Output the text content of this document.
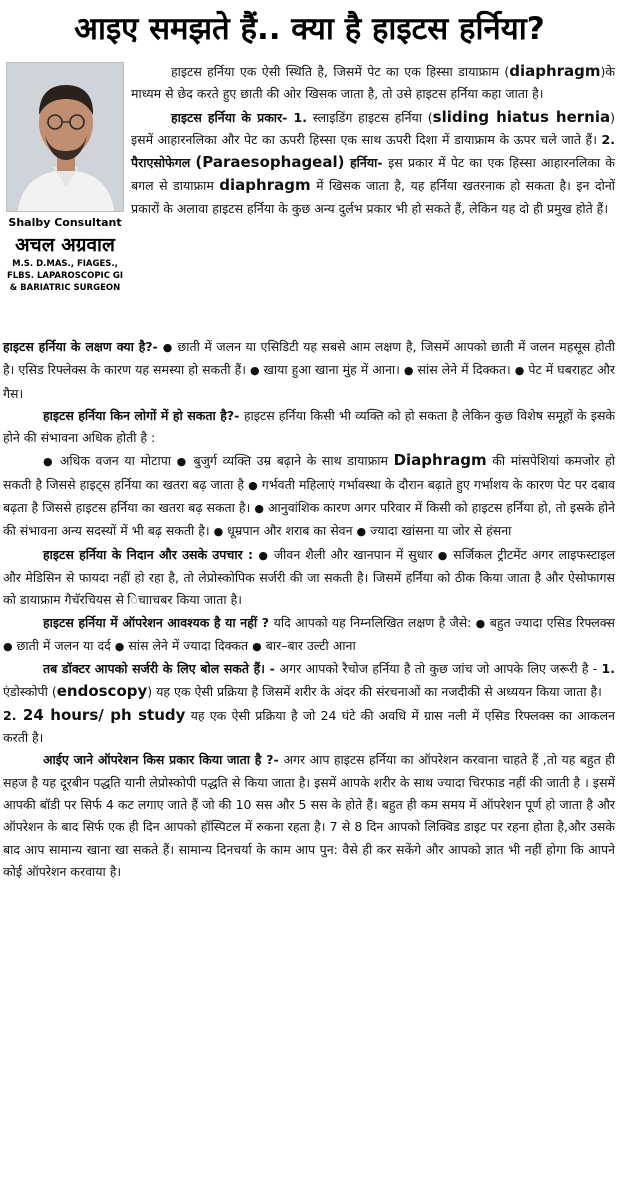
आइए समझते हैं.. क्या है हाइटस हर्निया?
Shalby Consultant
अचल अग्रवाल
M.S. D.MAS., FIAGES., FLBS. LAPAROSCOPIC GI & BARIATRIC SURGEON

हाइटस हर्निया एक ऐसी स्थिति है, जिसमें पेट का एक हिस्सा डायाफ्राम (diaphragm)के माध्यम से छेद करते हुए छाती की ओर खिसक जाता है, तो उसे हाइटस हर्निया कहा जाता है।

हाइटस हर्निया के प्रकार- 1. स्लाइडिंग हाइटस हर्निया (sliding hiatus hernia) इसमें आहारनलिका और पेट का ऊपरी हिस्सा एक साथ ऊपरी दिशा में डायाफ्राम के ऊपर चले जाते हैं। 2. पैराएसोफेगल (Paraesophageal) हर्निया- इस प्रकार में पेट का एक हिस्सा आहारनलिका के बगल से डायाफ्राम diaphragm में खिसक जाता है, यह हर्निया खतरनाक हो सकता है। इन दोनों प्रकारों के अलावा हाइटस हर्निया के कुछ अन्य दुर्लभ प्रकार भी हो सकते हैं, लेकिन यह दो ही प्रमुख होते हैं।

हाइटस हर्निया के लक्षण क्या है?- ● छाती में जलन या एसिडिटी यह सबसे आम लक्षण है, जिसमें आपको छाती में जलन महसूस होती है। एसिड रिफ्लेक्स के कारण यह समस्या हो सकती हैं। ● खाया हुआ खाना मुंह में आना। ● सांस लेने में दिक्कत। ● पेट में घबराहट और गैस।

हाइटस हर्निया किन लोगों में हो सकता है?- हाइटस हर्निया किसी भी व्यक्ति को हो सकता है लेकिन कुछ विशेष समूहों के इसके होने की संभावना अधिक होती है :

● अधिक वजन या मोटापा ● बुजुर्ग व्यक्ति उम्र बढ़ाने के साथ डायाफ्राम Diaphragm की मांसपेशियां कमजोर हो सकती है जिससे हाइट्स हर्निया का खतरा बढ़ जाता है ● गर्भवती महिलाएं गर्भावस्था के दौरान बढ़ाते हुए गर्भाशय के कारण पेट पर दबाव बढ़ता है जिससे हाइटस हर्निया का खतरा बढ़ सकता है। ● आनुवांशिक कारण अगर परिवार में किसी को हाइटस हर्निया हो, तो इसके होने की संभावना अन्य सदस्यों में भी बढ़ सकती है। ● धूम्रपान और शराब का सेवन ● ज्यादा खांसना या जोर से हंसना

हाइटस हर्निया के निदान और उसके उपचार : ● जीवन शैली और खानपान में सुधार ● सर्जिकल ट्रीटमेंट अगर लाइफस्टाइल और मेडिसिन से फायदा नहीं हो रहा है, तो लेप्रोस्कोपिक सर्जरी की जा सकती है। जिसमें हर्निया को ठीक किया जाता है और ऐसोफागस को डायाफ्राम गैचॅरचियस से िचााचबर किया जाता है।

हाइटस हर्निया में ऑपरेशन आवश्यक है या नहीं ? यदि आपको यह निम्नलिखित लक्षण है जैसे: ● बहुत ज्यादा एसिड रिफ्लक्स ● छाती में जलन या दर्द ● सांस लेने में ज्यादा दिक्कत ● बार–बार उल्टी आना

तब डॉक्टर आपको सर्जरी के लिए बोल सकते हैं। - अगर आपको रैचोज हर्निया है तो कुछ जांच जो आपके लिए जरूरी है - 1. एंडोस्कोपी (endoscopy) यह एक ऐसी प्रक्रिया है जिसमें शरीर के अंदर की संरचनाओं का नजदीकी से अध्ययन किया जाता है।

2. 24 hours/ ph study यह एक ऐसी प्रक्रिया है जो 24 घंटे की अवधि में ग्रास नली में एसिड रिफ्लक्स का आकलन करती है।

आईए जाने ऑपरेशन किस प्रकार किया जाता है ?- अगर आप हाइटस हर्निया का ऑपरेशन करवाना चाहते हैं ,तो यह बहुत ही सहज है यह दूरबीन पद्धति यानी लेप्रोस्कोपी पद्धति से किया जाता है। इसमें आपके शरीर के साथ ज्यादा चिरफाड नहीं की जाती है । इसमें आपकी बॉडी पर सिर्फ 4 कट लगाए जाते हैं जो की 10 सस और 5 सस के होते हैं। बहुत ही कम समय में ऑपरेशन पूर्ण हो जाता है और ऑपरेशन के बाद सिर्फ एक ही दिन आपको हॉस्पिटल में रुकना रहता है। 7 से 8 दिन आपको लिक्विड डाइट पर रहना होता है,और उसके बाद आप सामान्य खाना खा सकते हैं। सामान्य दिनचर्या के काम आप पुन: वैसे ही कर सकेंगे और आपको ज्ञात भी नहीं होगा कि आपने कोई ऑपरेशन करवाया है।
